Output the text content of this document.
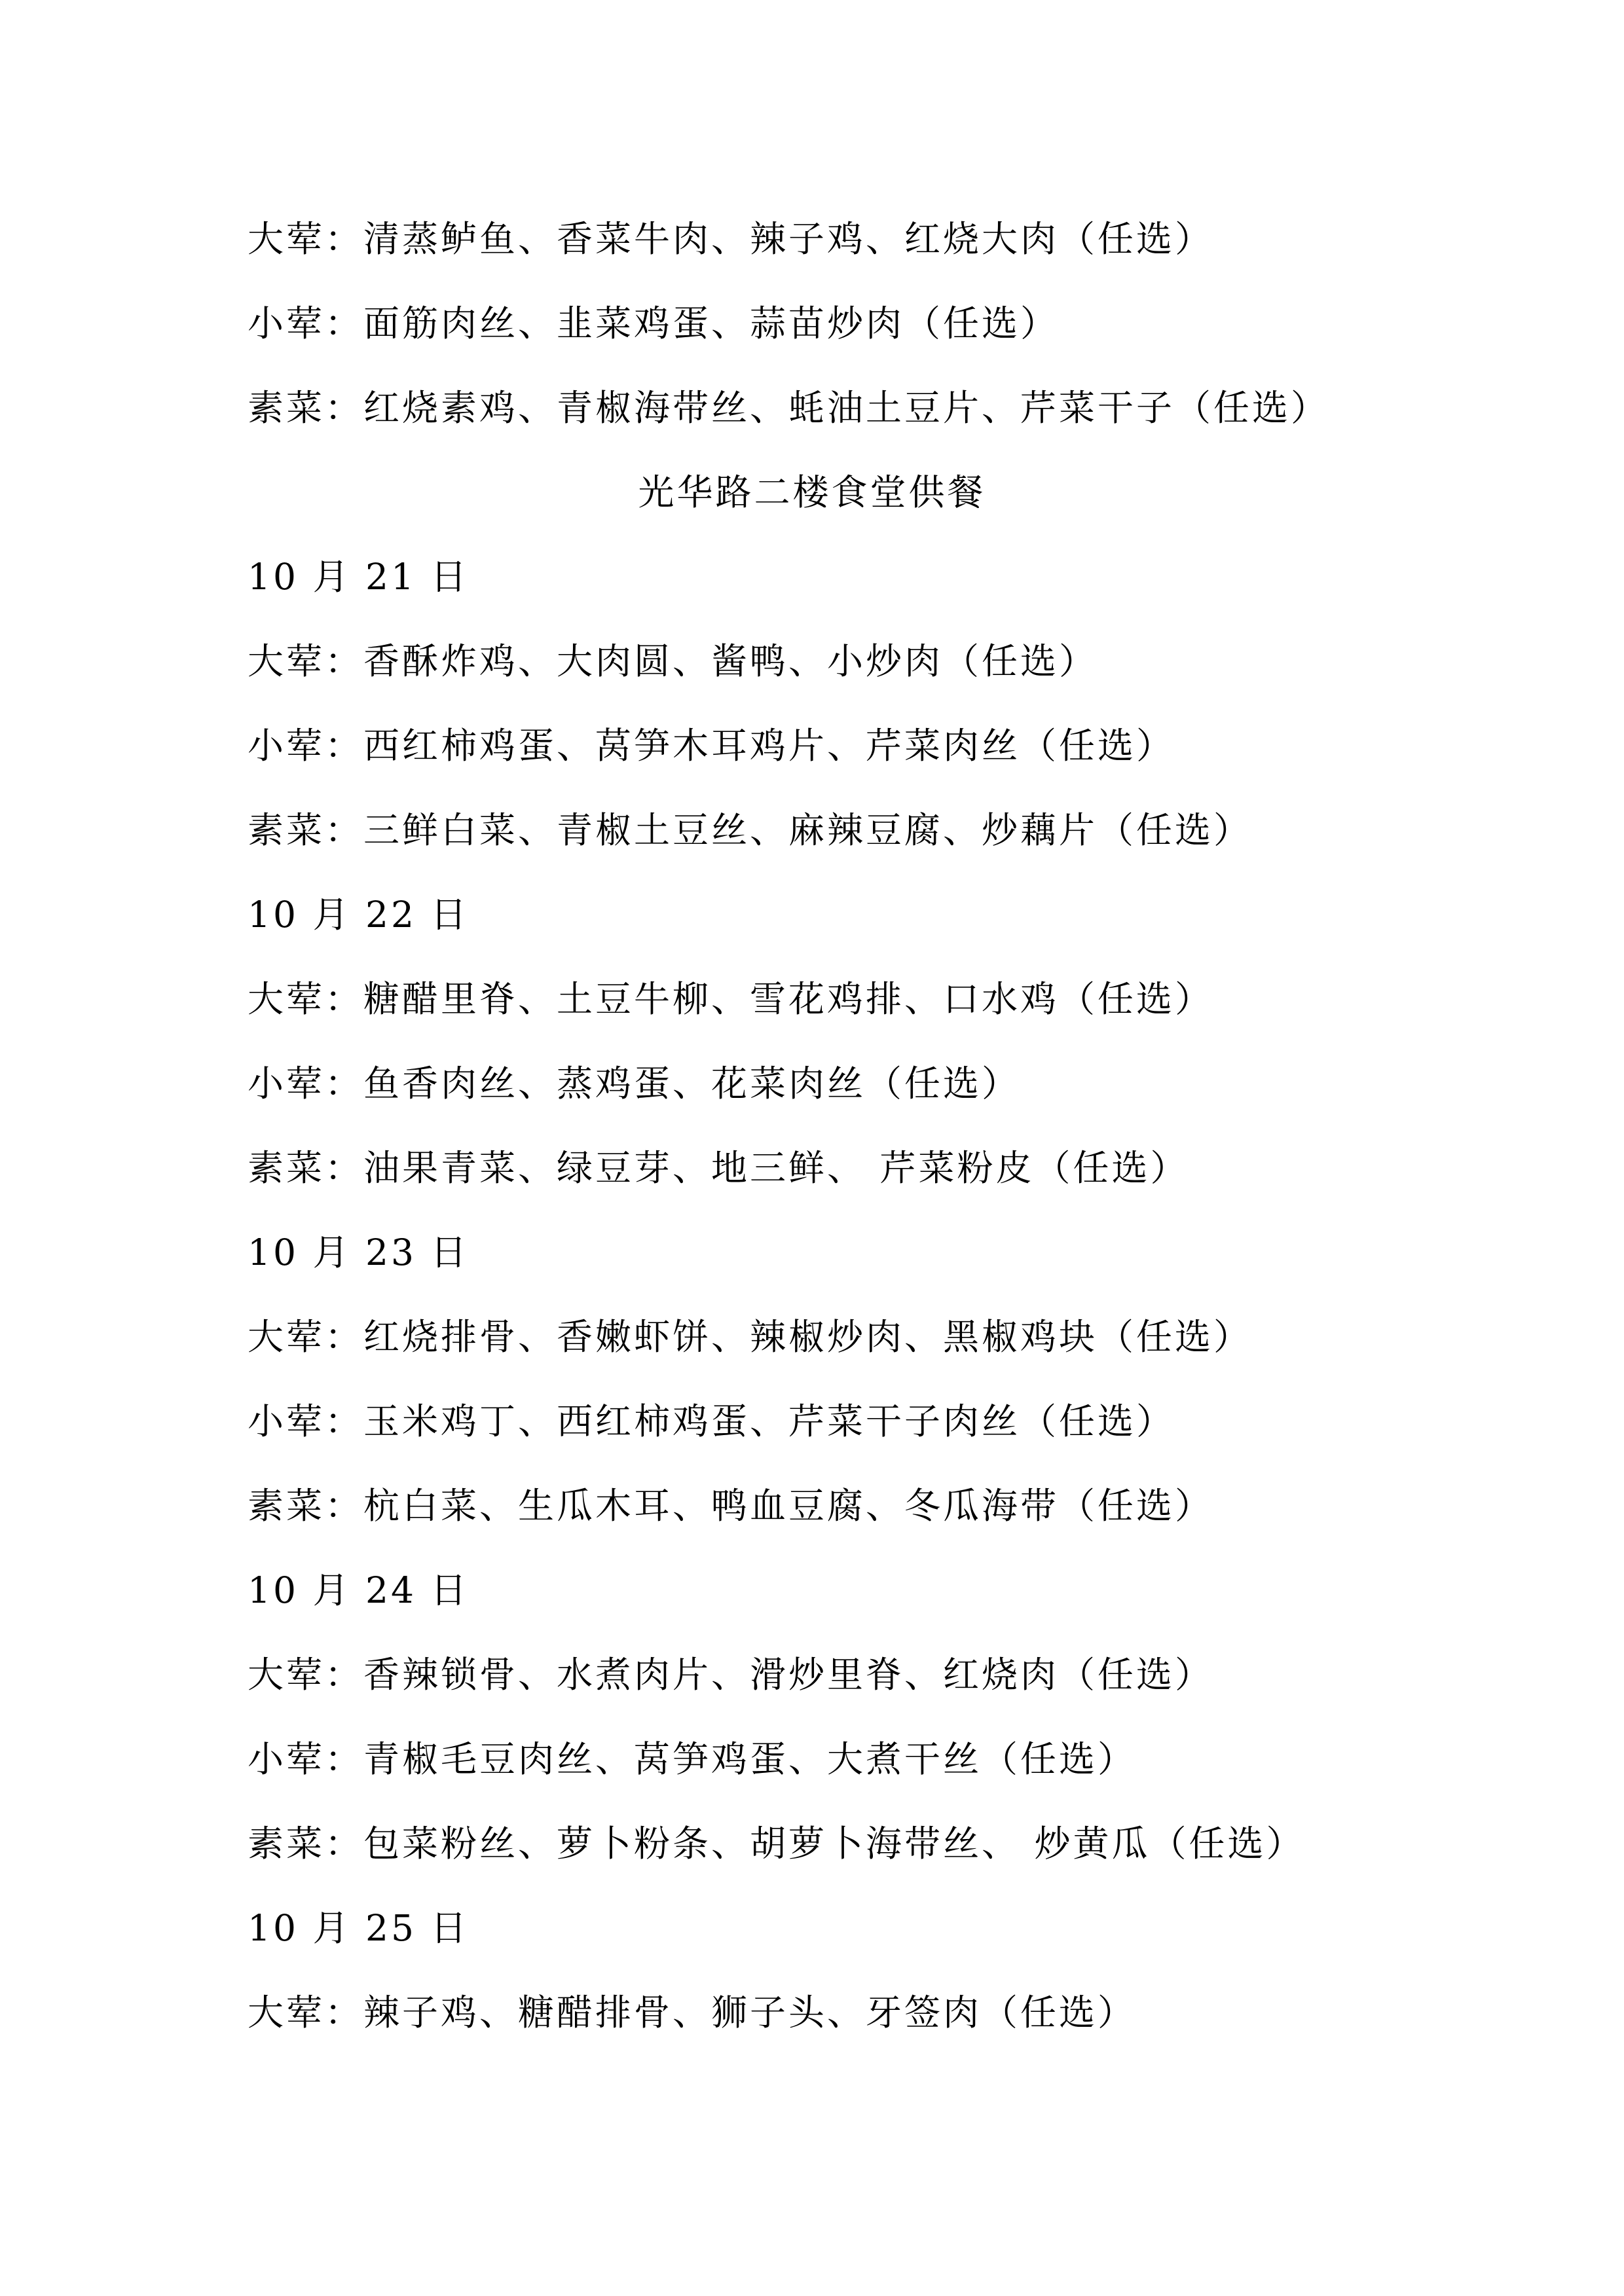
大荤：清蒸鲈鱼、香菜牛肉、辣子鸡、红烧大肉（任选）
小荤：面筋肉丝、韭菜鸡蛋、蒜苗炒肉（任选）
素菜：红烧素鸡、青椒海带丝、蚝油土豆片、芹菜干子（任选）
光华路二楼食堂供餐
10 月 21 日
大荤：香酥炸鸡、大肉圆、酱鸭、小炒肉（任选）
小荤：西红柿鸡蛋、莴笋木耳鸡片、芹菜肉丝（任选）
素菜：三鲜白菜、青椒土豆丝、麻辣豆腐、炒藕片（任选）
10 月 22 日
大荤：糖醋里脊、土豆牛柳、雪花鸡排、口水鸡（任选）
小荤：鱼香肉丝、蒸鸡蛋、花菜肉丝（任选）
素菜：油果青菜、绿豆芽、地三鲜、 芹菜粉皮（任选）
10 月 23 日
大荤：红烧排骨、香嫩虾饼、辣椒炒肉、黑椒鸡块（任选）
小荤：玉米鸡丁、西红柿鸡蛋、芹菜干子肉丝（任选）
素菜：杭白菜、生瓜木耳、鸭血豆腐、冬瓜海带（任选）
10 月 24 日
大荤：香辣锁骨、水煮肉片、滑炒里脊、红烧肉（任选）
小荤：青椒毛豆肉丝、莴笋鸡蛋、大煮干丝（任选）
素菜：包菜粉丝、萝卜粉条、胡萝卜海带丝、 炒黄瓜（任选）
10 月 25 日
大荤：辣子鸡、糖醋排骨、狮子头、牙签肉（任选）
